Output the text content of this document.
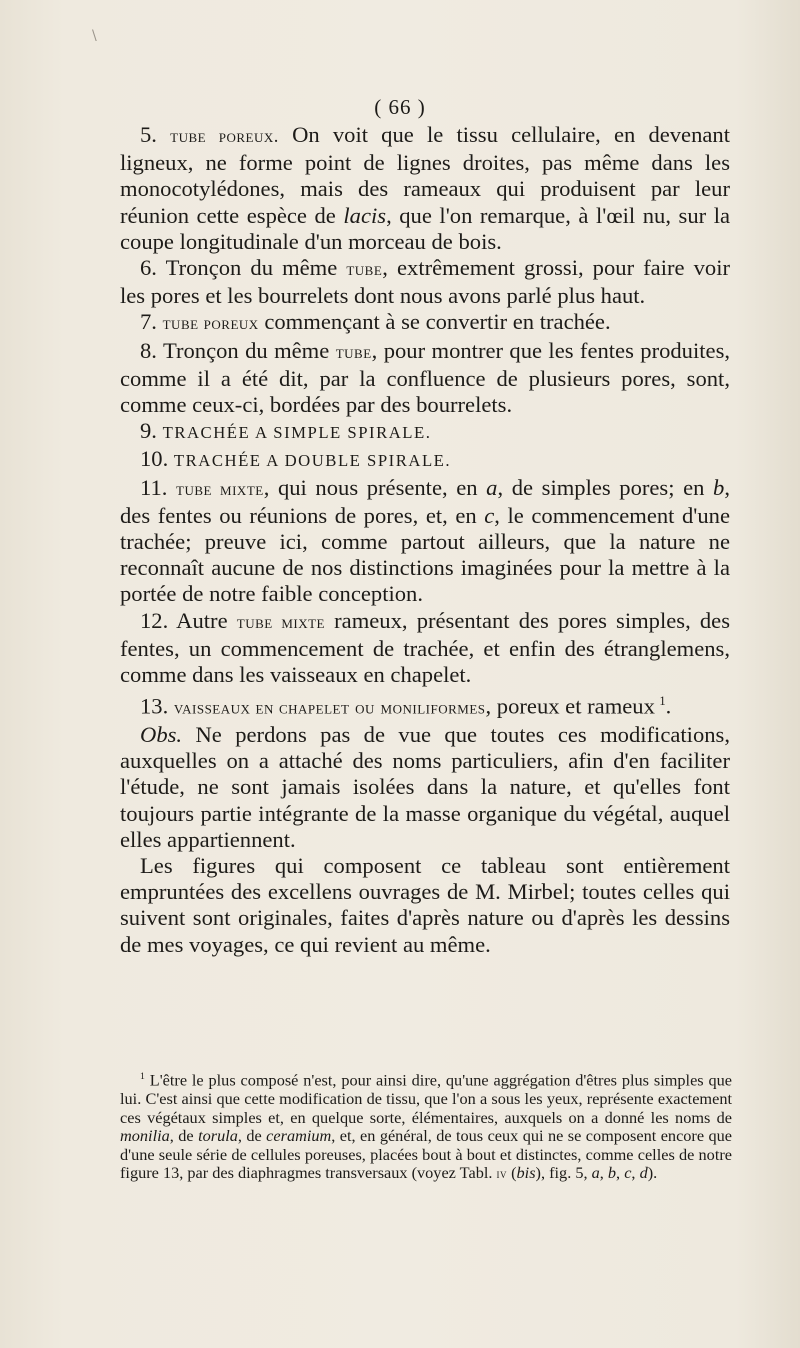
\
( 66 )

5. tube poreux. On voit que le tissu cellulaire, en devenant ligneux, ne forme point de lignes droites, pas même dans les monocotylédones, mais des rameaux qui produisent par leur réunion cette espèce de lacis, que l'on remarque, à l'œil nu, sur la coupe longitudinale d'un morceau de bois.

6. Tronçon du même tube, extrêmement grossi, pour faire voir les pores et les bourrelets dont nous avons parlé plus haut.

7. tube poreux commençant à se convertir en trachée.

8. Tronçon du même tube, pour montrer que les fentes produites, comme il a été dit, par la confluence de plusieurs pores, sont, comme ceux-ci, bordées par des bourrelets.

9. TRACHÉE A SIMPLE SPIRALE.

10. TRACHÉE A DOUBLE SPIRALE.

11. tube mixte, qui nous présente, en a, de simples pores; en b, des fentes ou réunions de pores, et, en c, le commencement d'une trachée; preuve ici, comme partout ailleurs, que la nature ne reconnaît aucune de nos distinctions imaginées pour la mettre à la portée de notre faible conception.

12. Autre tube mixte rameux, présentant des pores simples, des fentes, un commencement de trachée, et enfin des étranglemens, comme dans les vaisseaux en chapelet.

13. vaisseaux en chapelet ou moniliformes, poreux et rameux  $^1$.

Obs. Ne perdons pas de vue que toutes ces modifications, auxquelles on a attaché des noms particuliers, afin d'en faciliter l'étude, ne sont jamais isolées dans la nature, et qu'elles font toujours partie intégrante de la masse organique du végétal, auquel elles appartiennent.

Les figures qui composent ce tableau sont entièrement empruntées des excellens ouvrages de M. Mirbel; toutes celles qui suivent sont originales, faites d'après nature ou d'après les dessins de mes voyages, ce qui revient au même.

$^1$ L'être le plus composé n'est, pour ainsi dire, qu'une aggrégation d'êtres plus simples que lui. C'est ainsi que cette modification de tissu, que l'on a sous les yeux, représente exactement ces végétaux simples et, en quelque sorte, élémentaires, auxquels on a donné les noms de monilia, de torula, de ceramium, et, en général, de tous ceux qui ne se composent encore que d'une seule série de cellules poreuses, placées bout à bout et distinctes, comme celles de notre figure 13, par des diaphragmes transversaux (voyez Tabl. iv (bis), fig. 5, a, b, c, d).
